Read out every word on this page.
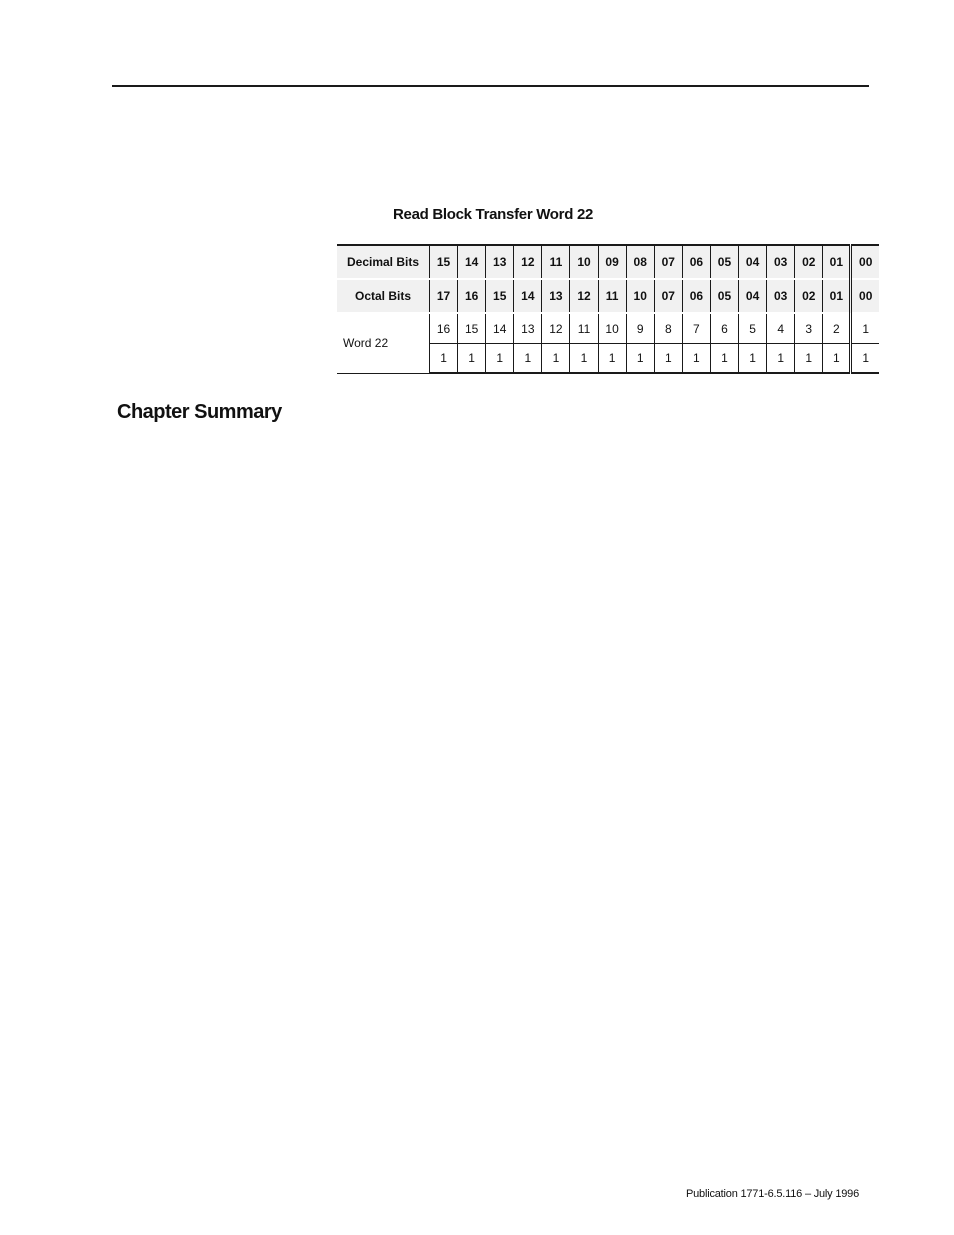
Read Block Transfer Word 22
Decimal Bits	15	14	13	12	11	10	09	08	07	06	05	04	03	02	01	00
Octal Bits	17	16	15	14	13	12	11	10	07	06	05	04	03	02	01	00
Word 22	16	15	14	13	12	11	10	9	8	7	6	5	4	3	2	1
	1	1	1	1	1	1	1	1	1	1	1	1	1	1	1	1
Chapter Summary
Publication 1771-6.5.116 – July 1996
